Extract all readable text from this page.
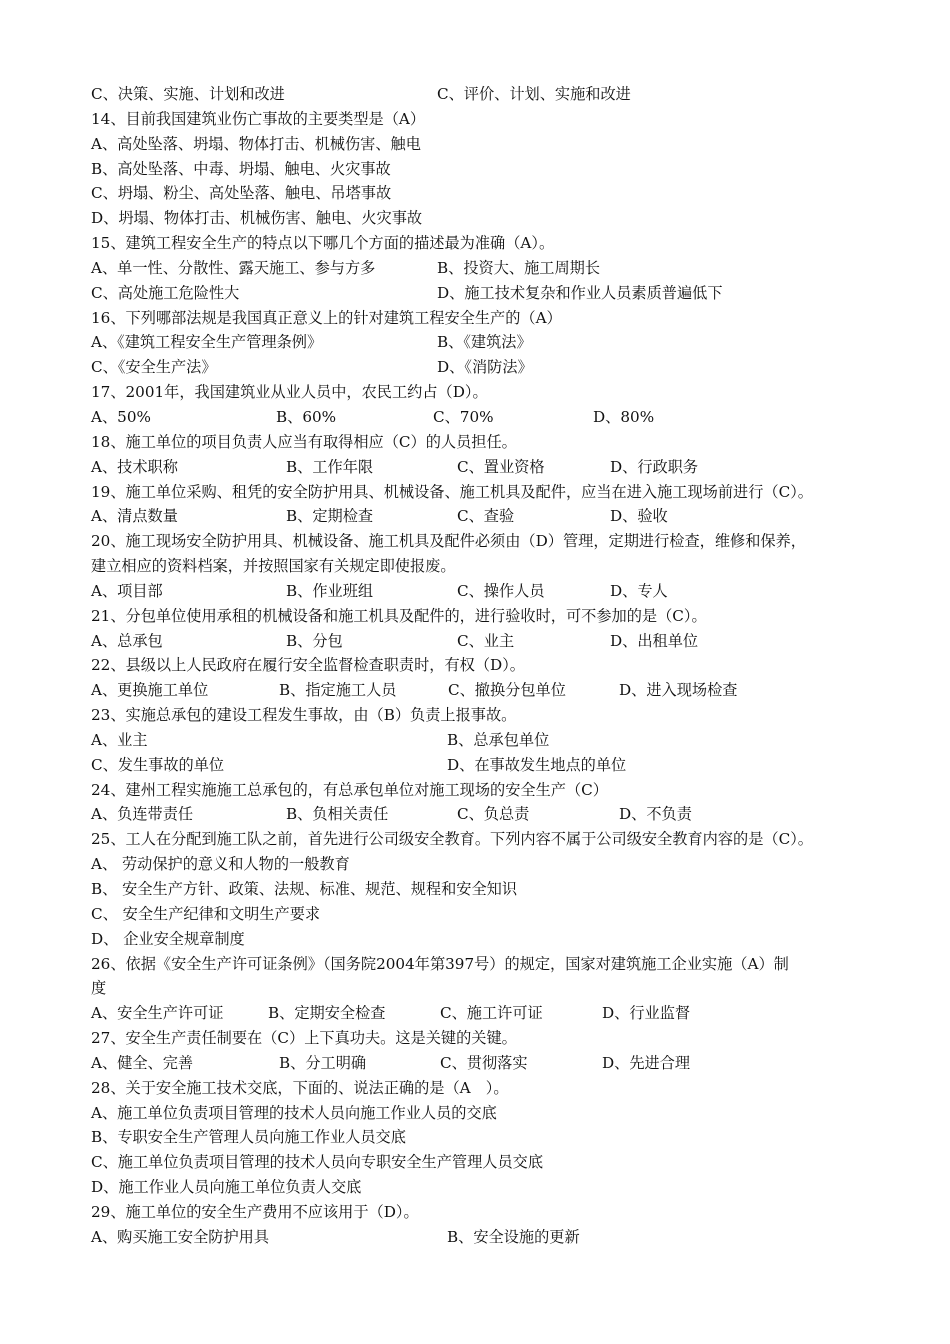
C、决策、实施、计划和改进	C、评价、计划、实施和改进
14、目前我国建筑业伤亡事故的主要类型是（A）
A、高处坠落、坍塌、物体打击、机械伤害、触电
B、高处坠落、中毒、坍塌、触电、火灾事故
C、坍塌、粉尘、高处坠落、触电、吊塔事故
D、坍塌、物体打击、机械伤害、触电、火灾事故
15、建筑工程安全生产的特点以下哪几个方面的描述最为准确（A）。
A、单一性、分散性、露天施工、参与方多	B、投资大、施工周期长
C、高处施工危险性大	D、施工技术复杂和作业人员素质普遍低下
16、下列哪部法规是我国真正意义上的针对建筑工程安全生产的（A）
A、《建筑工程安全生产管理条例》	B、《建筑法》
C、《安全生产法》	D、《消防法》
17、2001年，我国建筑业从业人员中，农民工约占（D）。
A、50%	B、60%	C、70%	D、80%
18、施工单位的项目负责人应当有取得相应（C）的人员担任。
A、技术职称	B、工作年限	C、置业资格	D、行政职务
19、施工单位采购、租凭的安全防护用具、机械设备、施工机具及配件，应当在进入施工现场前进行（C）。
A、清点数量	B、定期检查	C、查验	D、验收
20、施工现场安全防护用具、机械设备、施工机具及配件必须由（D）管理，定期进行检查，维修和保养，
建立相应的资料档案，并按照国家有关规定即使报废。
A、项目部	B、作业班组	C、操作人员	D、专人
21、分包单位使用承租的机械设备和施工机具及配件的，进行验收时，可不参加的是（C）。
A、总承包	B、分包	C、业主	D、出租单位
22、县级以上人民政府在履行安全监督检查职责时，有权（D）。
A、更换施工单位	B、指定施工人员	C、撤换分包单位	D、进入现场检查
23、实施总承包的建设工程发生事故，由（B）负责上报事故。
A、业主	B、总承包单位
C、发生事故的单位	D、在事故发生地点的单位
24、建州工程实施施工总承包的，有总承包单位对施工现场的安全生产（C）
A、负连带责任	B、负相关责任	C、负总责	D、不负责
25、工人在分配到施工队之前，首先进行公司级安全教育。下列内容不属于公司级安全教育内容的是（C）。
A、 劳动保护的意义和人物的一般教育
B、 安全生产方针、政策、法规、标准、规范、规程和安全知识
C、 安全生产纪律和文明生产要求
D、 企业安全规章制度
26、依据《安全生产许可证条例》（国务院2004年第397号）的规定，国家对建筑施工企业实施（A）制
度
A、安全生产许可证	B、定期安全检查	C、施工许可证	D、行业监督
27、安全生产责任制要在（C）上下真功夫。这是关键的关键。
A、健全、完善	B、分工明确	C、贯彻落实	D、先进合理
28、关于安全施工技术交底，下面的、说法正确的是（A　）。
A、施工单位负责项目管理的技术人员向施工作业人员的交底
B、专职安全生产管理人员向施工作业人员交底
C、施工单位负责项目管理的技术人员向专职安全生产管理人员交底
D、施工作业人员向施工单位负责人交底
29、施工单位的安全生产费用不应该用于（D）。
A、购买施工安全防护用具	B、安全设施的更新
